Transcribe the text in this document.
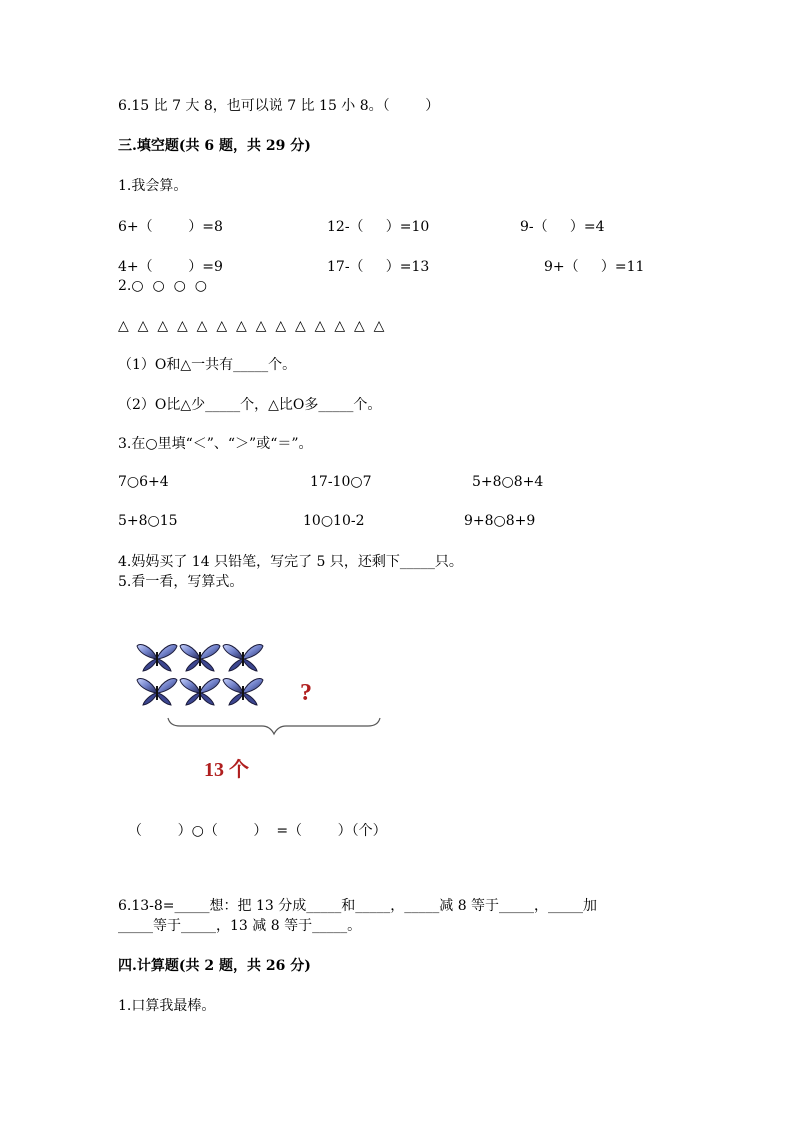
6.15 比 7 大 8，也可以说 7 比 15 小 8。（        ）
三.填空题(共 6 题，共 29 分)
1.我会算。
6+（        ）=8	12-（     ）=10	9-（     ）=4
4+（        ）=9	17-（     ）=13	9+（     ）=11
2.○  ○  ○  ○
△  △  △  △  △  △  △  △  △  △  △  △  △  △
（1）O和△一共有_____个。
（2）O比△少_____个，△比O多_____个。
3.在○里填“＜”、“＞”或“＝”。
7○6+4	17-10○7	5+8○8+4
5+8○15	10○10-2	9+8○8+9
4.妈妈买了 14 只铅笔，写完了 5 只，还剩下_____只。
5.看一看，写算式。
?
13 个
（        ）○（        ）  =（        ）（个）
6.13-8=_____想：把 13 分成_____和_____，_____减 8 等于_____，_____加
_____等于_____，13 减 8 等于_____。
四.计算题(共 2 题，共 26 分)
1.口算我最棒。
